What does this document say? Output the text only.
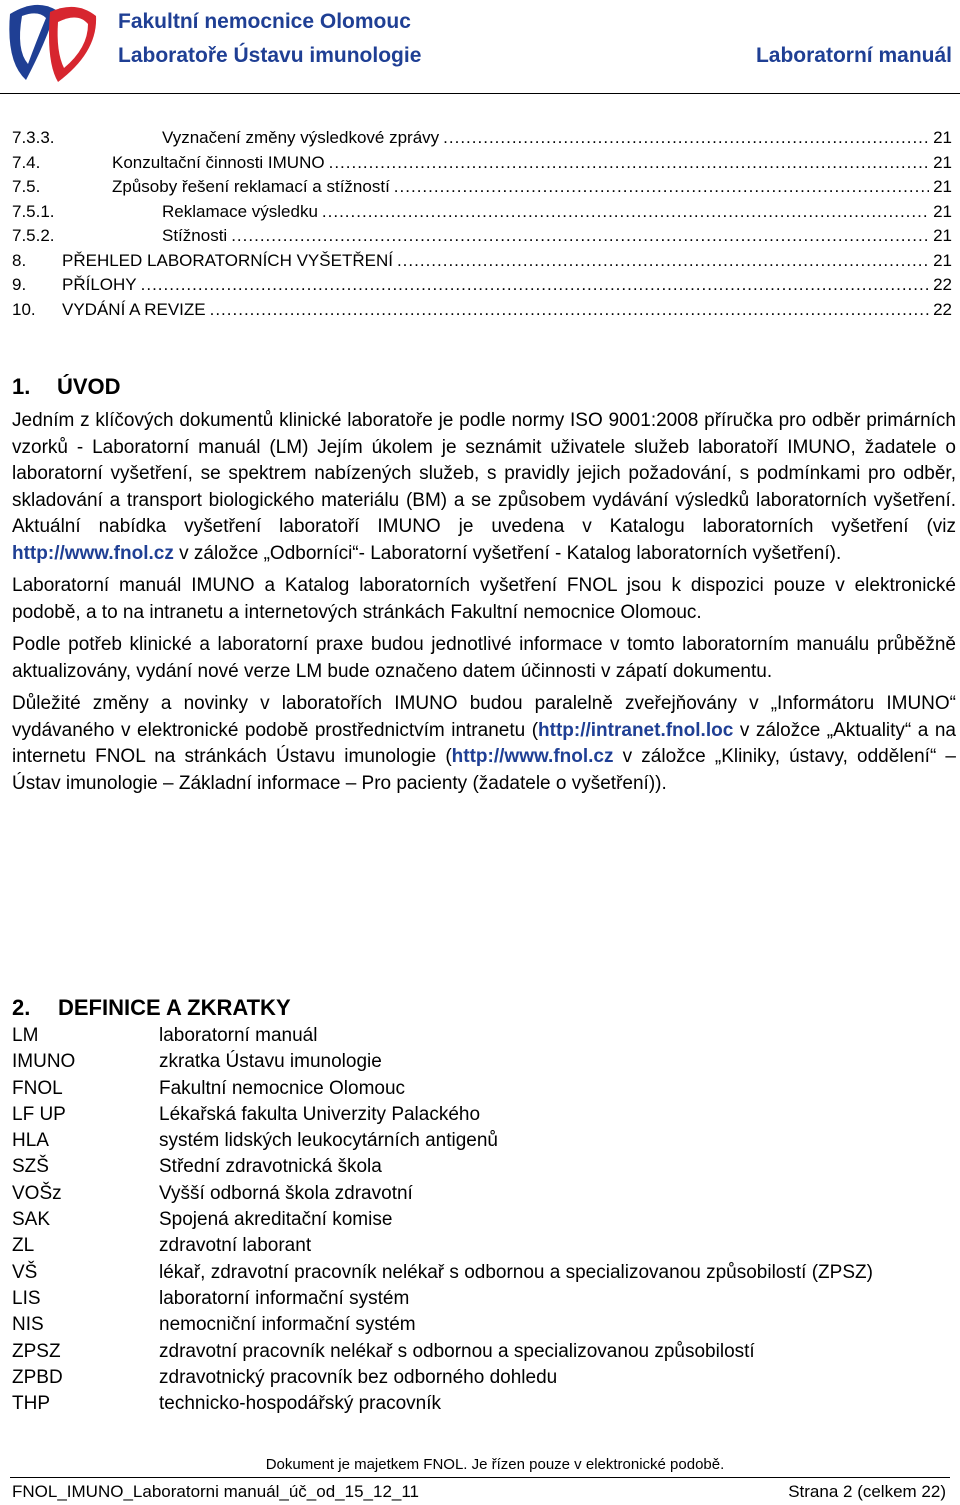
Fakultní nemocnice Olomouc
Laboratoře Ústavu imunologie	Laboratorní manuál
7.3.3.	Vyznačení změny výsledkové zprávy .....	21
7.4.	Konzultační činnosti IMUNO .....	21
7.5.	Způsoby řešení reklamací a stížností .....	21
7.5.1.	Reklamace výsledku .....	21
7.5.2.	Stížnosti .....	21
8.	PŘEHLED LABORATORNÍCH VYŠETŘENÍ .....	21
9.	PŘÍLOHY .....	22
10.	VYDÁNÍ A REVIZE .....	22
1. ÚVOD

Jedním z klíčových dokumentů klinické laboratoře je podle normy ISO 9001:2008 příručka pro odběr primárních vzorků - Laboratorní manuál (LM) Jejím úkolem je seznámit uživatele služeb laboratoří IMUNO, žadatele o laboratorní vyšetření, se spektrem nabízených služeb, s pravidly jejich požadování, s podmínkami pro odběr, skladování a transport biologického materiálu (BM) a se způsobem vydávání výsledků laboratorních vyšetření. Aktuální nabídka vyšetření laboratoří IMUNO je uvedena v Katalogu laboratorních vyšetření (viz http://www.fnol.cz v záložce „Odborníci“- Laboratorní vyšetření - Katalog laboratorních vyšetření).

Laboratorní manuál IMUNO a Katalog laboratorních vyšetření FNOL jsou k dispozici pouze v elektronické podobě, a to na intranetu a internetových stránkách Fakultní nemocnice Olomouc.

Podle potřeb klinické a laboratorní praxe budou jednotlivé informace v tomto laboratorním manuálu průběžně aktualizovány, vydání nové verze LM bude označeno datem účinnosti v zápatí dokumentu.

Důležité změny a novinky v laboratořích IMUNO budou paralelně zveřejňovány v „Informátoru IMUNO“ vydávaného v elektronické podobě prostřednictvím intranetu (http://intranet.fnol.loc v záložce „Aktuality“ a na internetu FNOL na stránkách Ústavu imunologie (http://www.fnol.cz v záložce „Kliniky, ústavy, oddělení“ – Ústav imunologie – Základní informace – Pro pacienty (žadatele o vyšetření)).

2. DEFINICE A ZKRATKY
LM	laboratorní manuál
IMUNO	zkratka Ústavu imunologie
FNOL	Fakultní nemocnice Olomouc
LF UP	Lékařská fakulta Univerzity Palackého
HLA	systém lidských leukocytárních antigenů
SZŠ	Střední zdravotnická škola
VOŠz	Vyšší odborná škola zdravotní
SAK	Spojená akreditační komise
ZL	zdravotní laborant
VŠ	lékař, zdravotní pracovník nelékař s odbornou a specializovanou způsobilostí (ZPSZ)
LIS	laboratorní informační systém
NIS	nemocniční informační systém
ZPSZ	zdravotní pracovník nelékař s odbornou a specializovanou způsobilostí
ZPBD	zdravotnický pracovník bez odborného dohledu
THP	technicko-hospodářský pracovník
Dokument je majetkem FNOL. Je řízen pouze v elektronické podobě.
FNOL_IMUNO_Laboratorni manuál_úč_od_15_12_11	Strana 2 (celkem 22)
